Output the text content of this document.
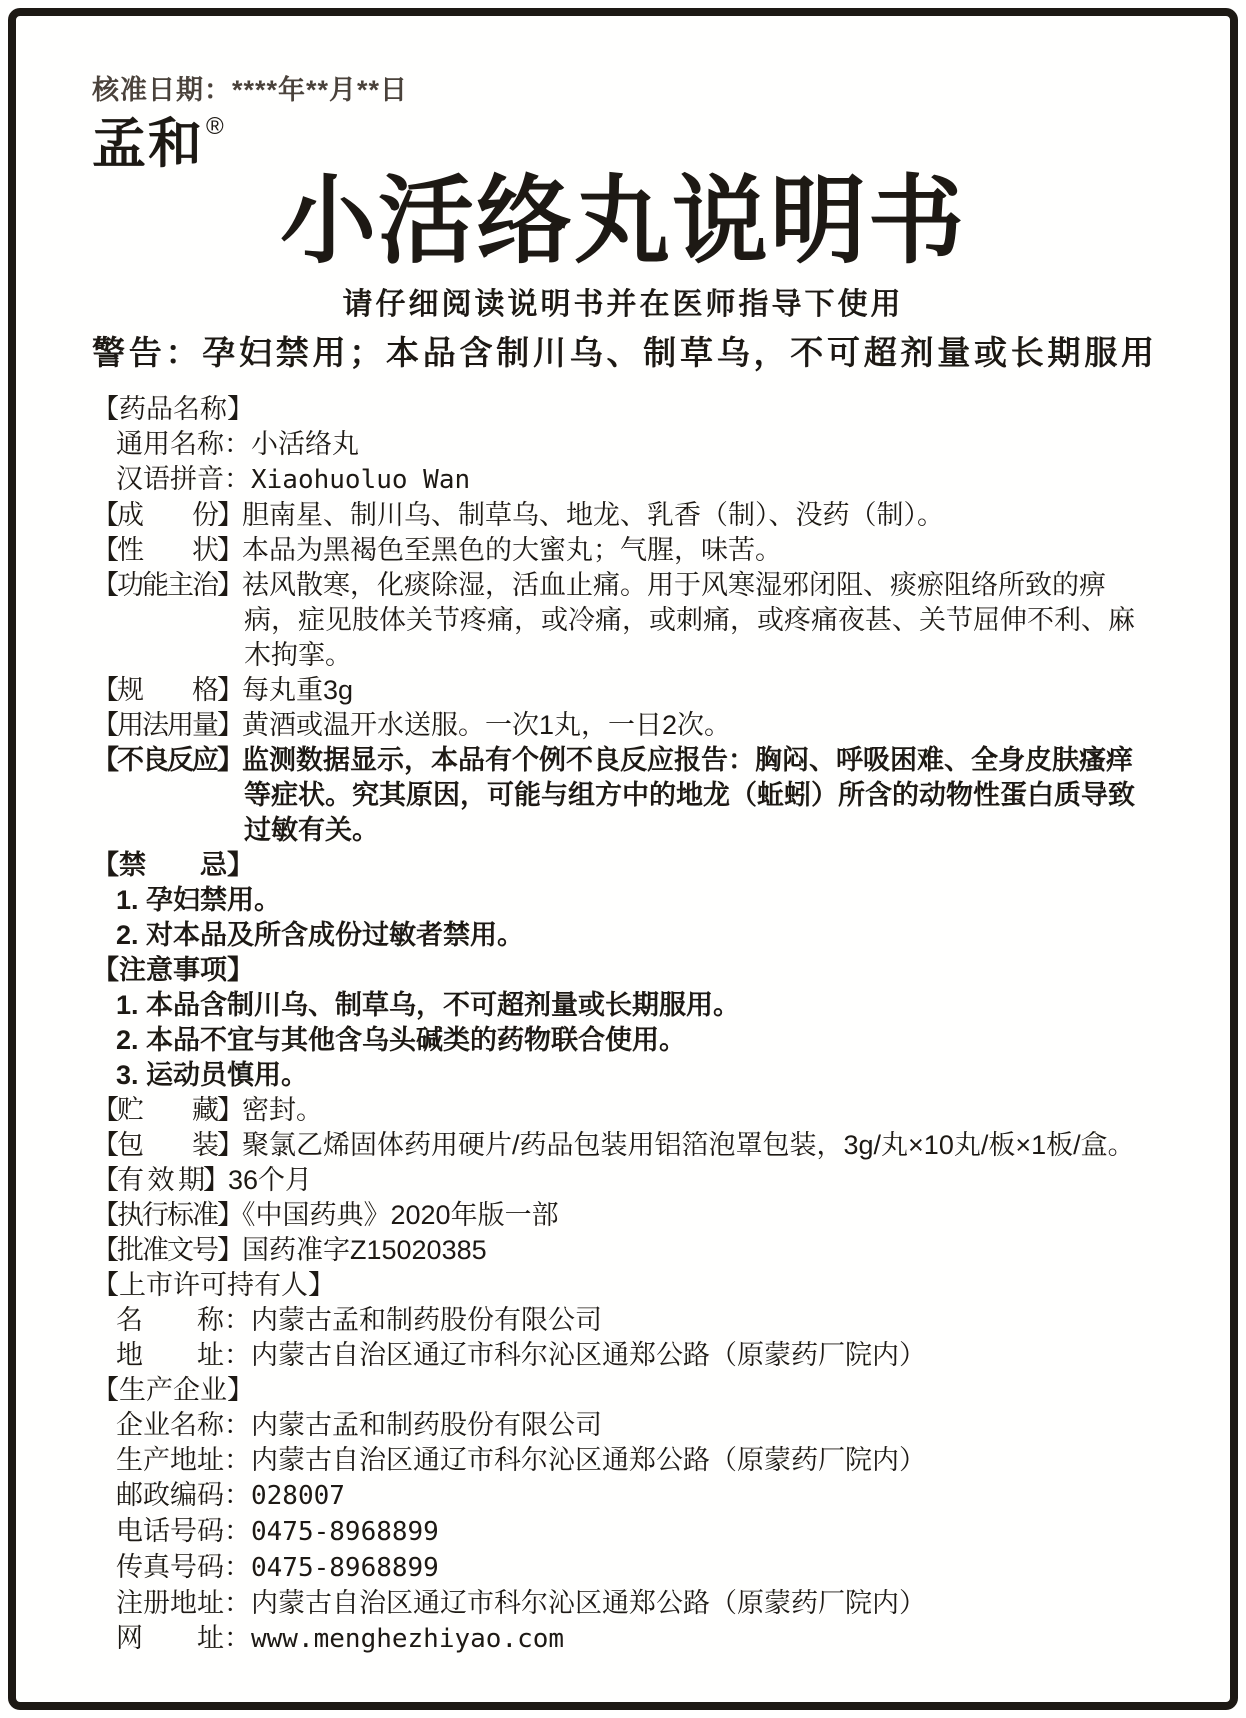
核准日期：****年**月**日
孟和®
小活络丸说明书
请仔细阅读说明书并在医师指导下使用
警告：孕妇禁用；本品含制川乌、制草乌，不可超剂量或长期服用
【药品名称】
通用名称：小活络丸
汉语拼音：Xiaohuoluo Wan
【成　　份】胆南星、制川乌、制草乌、地龙、乳香（制）、没药（制）。
【性　　状】本品为黑褐色至黑色的大蜜丸；气腥，味苦。
【功能主治】祛风散寒，化痰除湿，活血止痛。用于风寒湿邪闭阻、痰瘀阻络所致的痹病，症见肢体关节疼痛，或冷痛，或刺痛，或疼痛夜甚、关节屈伸不利、麻木拘挛。
【规　　格】每丸重3g
【用法用量】黄酒或温开水送服。一次1丸，一日2次。
【不良反应】监测数据显示，本品有个例不良反应报告：胸闷、呼吸困难、全身皮肤瘙痒等症状。究其原因，可能与组方中的地龙（蚯蚓）所含的动物性蛋白质导致过敏有关。
【禁　　忌】
1. 孕妇禁用。
2. 对本品及所含成份过敏者禁用。
【注意事项】
1. 本品含制川乌、制草乌，不可超剂量或长期服用。
2. 本品不宜与其他含乌头碱类的药物联合使用。
3. 运动员慎用。
【贮　　藏】密封。
【包　　装】聚氯乙烯固体药用硬片/药品包装用铝箔泡罩包装，3g/丸×10丸/板×1板/盒。
【有 效 期】36个月
【执行标准】《中国药典》2020年版一部
【批准文号】国药准字Z15020385
【上市许可持有人】
名　　称：内蒙古孟和制药股份有限公司
地　　址：内蒙古自治区通辽市科尔沁区通郑公路（原蒙药厂院内）
【生产企业】
企业名称：内蒙古孟和制药股份有限公司
生产地址：内蒙古自治区通辽市科尔沁区通郑公路（原蒙药厂院内）
邮政编码：028007
电话号码：0475-8968899
传真号码：0475-8968899
注册地址：内蒙古自治区通辽市科尔沁区通郑公路（原蒙药厂院内）
网　　址：www.menghezhiyao.com
